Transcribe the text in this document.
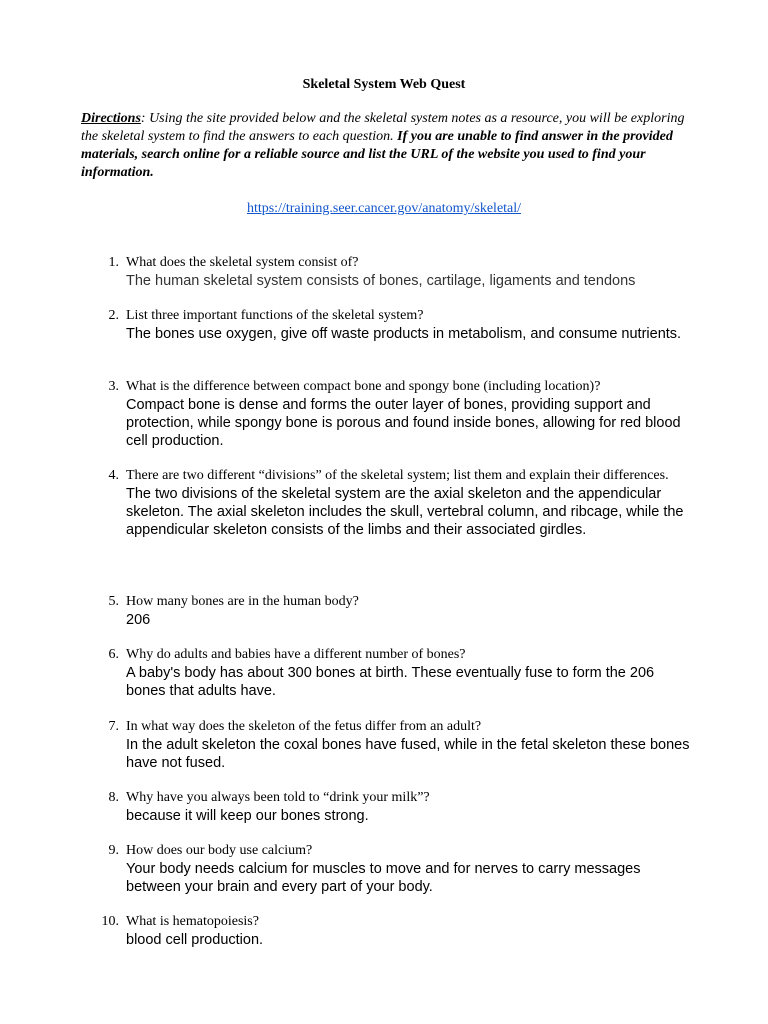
Skeletal System Web Quest
Directions: Using the site provided below and the skeletal system notes as a resource, you will be exploring the skeletal system to find the answers to each question. If you are unable to find answer in the provided materials, search online for a reliable source and list the URL of the website you used to find your information.
https://training.seer.cancer.gov/anatomy/skeletal/
1. What does the skeletal system consist of?
The human skeletal system consists of bones, cartilage, ligaments and tendons
2. List three important functions of the skeletal system?
The bones use oxygen, give off waste products in metabolism, and consume nutrients.
3. What is the difference between compact bone and spongy bone (including location)?
Compact bone is dense and forms the outer layer of bones, providing support and protection, while spongy bone is porous and found inside bones, allowing for red blood cell production.
4. There are two different “divisions” of the skeletal system; list them and explain their differences.
The two divisions of the skeletal system are the axial skeleton and the appendicular skeleton. The axial skeleton includes the skull, vertebral column, and ribcage, while the appendicular skeleton consists of the limbs and their associated girdles.
5. How many bones are in the human body?
206
6. Why do adults and babies have a different number of bones?
A baby's body has about 300 bones at birth. These eventually fuse to form the 206 bones that adults have.
7. In what way does the skeleton of the fetus differ from an adult?
In the adult skeleton the coxal bones have fused, while in the fetal skeleton these bones have not fused.
8. Why have you always been told to “drink your milk”?
because it will keep our bones strong.
9. How does our body use calcium?
Your body needs calcium for muscles to move and for nerves to carry messages between your brain and every part of your body.
10. What is hematopoiesis?
blood cell production.
